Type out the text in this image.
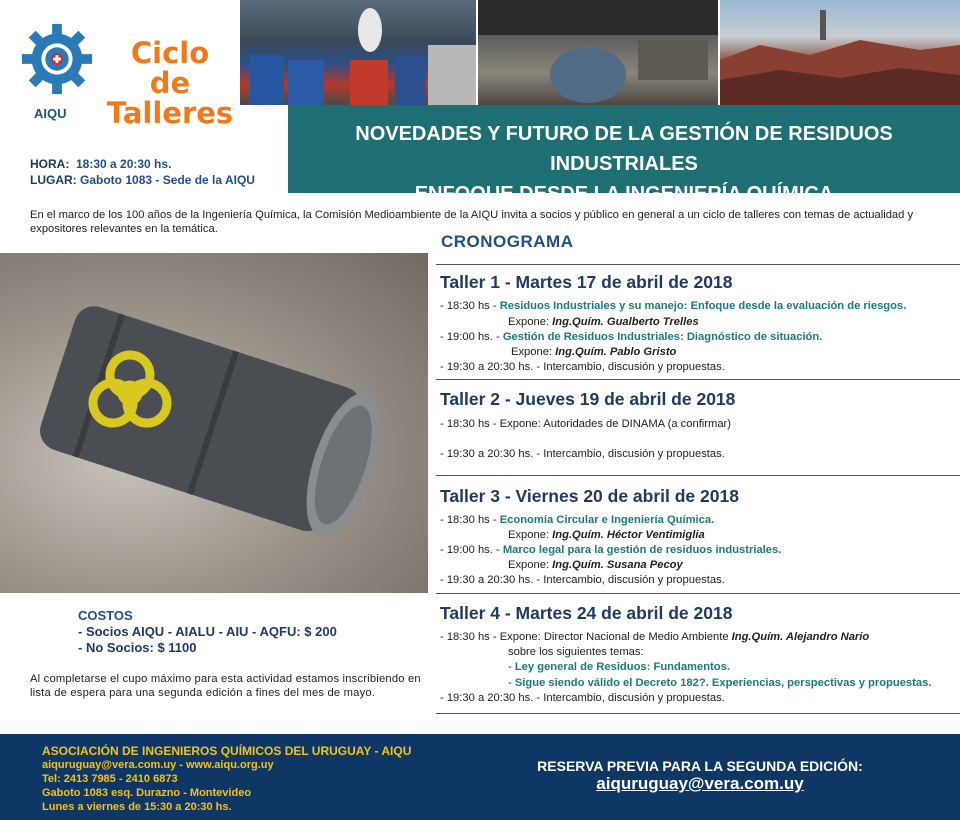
AIQU
Ciclo
de
Talleres
NOVEDADES Y FUTURO DE LA GESTIÓN DE RESIDUOS INDUSTRIALES
ENFOQUE DESDE LA INGENIERÍA QUÍMICA
HORA: 18:30 a 20:30 hs.
LUGAR: Gaboto 1083 - Sede de la AIQU
En el marco de los 100 años de la Ingeniería Química, la Comisión Medioambiente de la AIQU invita a socios y público en general a un ciclo de talleres con temas de actualidad y expositores relevantes en la temática.
COSTOS
- Socios AIQU - AIALU - AIU - AQFU: $ 200
- No Socios: $ 1100
Al completarse el cupo máximo para esta actividad estamos inscribiendo en lista de espera para una segunda edición a fines del mes de mayo.
CRONOGRAMA
Taller 1 - Martes 17 de abril de 2018
- 18:30 hs - Residuos Industriales y su manejo: Enfoque desde la evaluación de riesgos.
Expone: Ing.Quím. Gualberto Trelles
- 19:00 hs. - Gestión de Residuos Industriales: Diagnóstico de situación.
Expone: Ing.Quím. Pablo Gristo
- 19:30 a 20:30 hs. - Intercambio, discusión y propuestas.
Taller 2 - Jueves 19 de abril de 2018
- 18:30 hs - Expone: Autoridades de DINAMA (a confirmar)
- 19:30 a 20:30 hs. - Intercambio, discusión y propuestas.
Taller 3 - Viernes 20 de abril de 2018
- 18:30 hs - Economía Circular e Ingeniería Química.
Expone: Ing.Quím. Héctor Ventimiglia
- 19:00 hs. - Marco legal para la gestión de residuos industriales.
Expone: Ing.Quím. Susana Pecoy
- 19:30 a 20:30 hs. - Intercambio, discusión y propuestas.
Taller 4 - Martes 24 de abril de 2018
- 18:30 hs - Expone: Director Nacional de Medio Ambiente Ing.Quím. Alejandro Nario
sobre los siguientes temas:
- Ley general de Residuos: Fundamentos.
- Sigue siendo válido el Decreto 182?. Experiencias, perspectivas y propuestas.
- 19:30 a 20:30 hs. - Intercambio, discusión y propuestas.
ASOCIACIÓN DE INGENIEROS QUÍMICOS DEL URUGUAY - AIQU
aiquruguay@vera.com.uy - www.aiqu.org.uy
Tel: 2413 7985 - 2410 6873
Gaboto 1083 esq. Durazno - Montevideo
Lunes a viernes de 15:30 a 20:30 hs.
RESERVA PREVIA PARA LA SEGUNDA EDICIÓN:
aiquruguay@vera.com.uy
